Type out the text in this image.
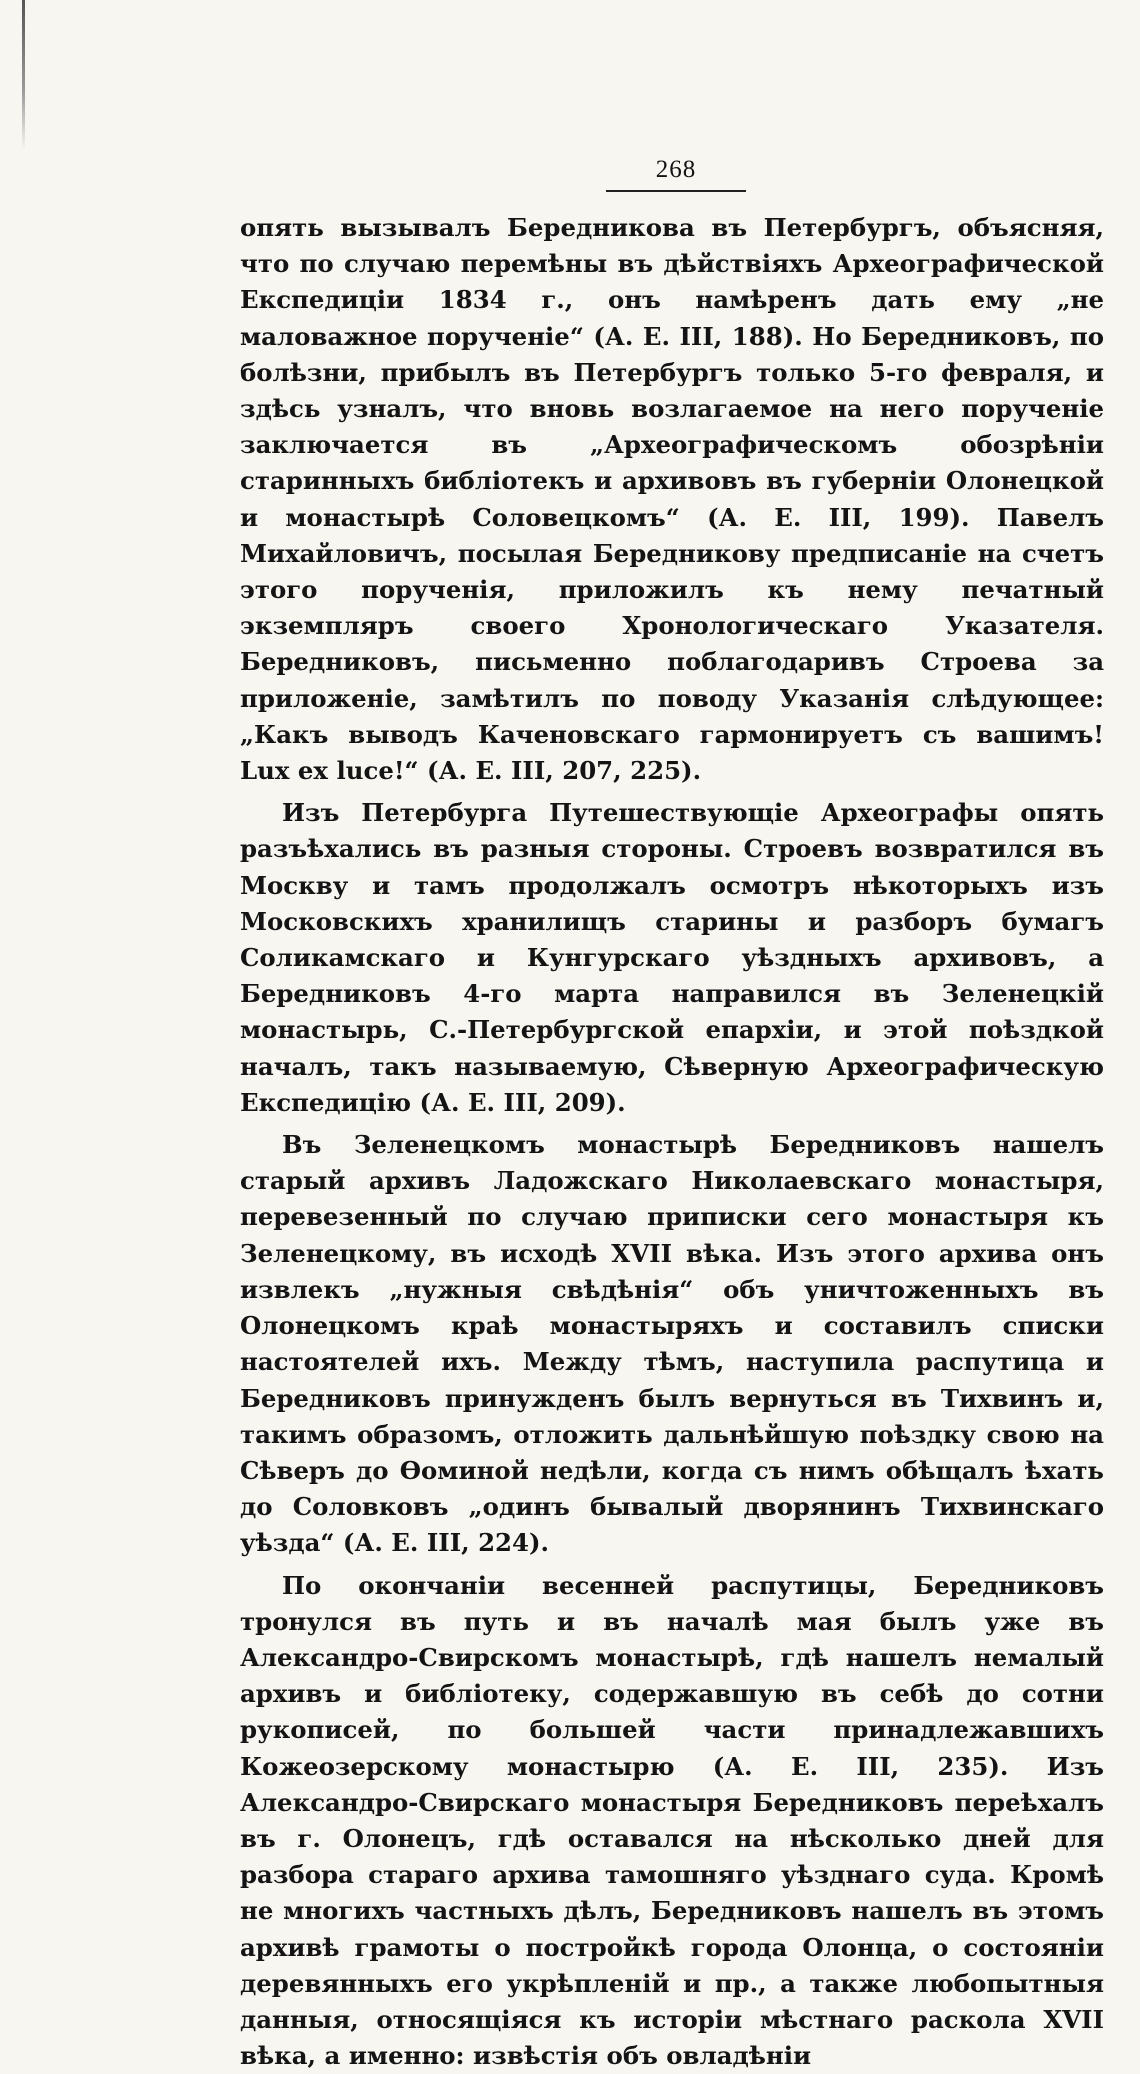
268

опять вызывалъ Бередникова въ Петербургъ, объясняя, что по случаю перемѣны въ дѣйствіяхъ Археографической Експедиціи 1834 г., онъ намѣренъ дать ему „не маловажное порученіе“ (А. Е. III, 188). Но Бередниковъ, по болѣзни, прибылъ въ Петербургъ только 5-го февраля, и здѣсь узналъ, что вновь возлагаемое на него порученіе заключается въ „Археографическомъ обозрѣніи старинныхъ библіотекъ и архивовъ въ губерніи Олонецкой и монастырѣ Соловецкомъ“ (А. Е. III, 199). Павелъ Михайловичъ, посылая Бередникову предписаніе на счетъ этого порученія, приложилъ къ нему печатный экземпляръ своего Хронологическаго Указателя. Бередниковъ, письменно поблагодаривъ Строева за приложеніе, замѣтилъ по поводу Указанія слѣдующее: „Какъ выводъ Каченовскаго гармонируетъ съ вашимъ! Lux ex luce!“ (А. Е. III, 207, 225).

Изъ Петербурга Путешествующіе Археографы опять разъѣхались въ разныя стороны. Строевъ возвратился въ Москву и тамъ продолжалъ осмотръ нѣкоторыхъ изъ Московскихъ хранилищъ старины и разборъ бумагъ Соликамскаго и Кунгурскаго уѣздныхъ архивовъ, а Бередниковъ 4-го марта направился въ Зеленецкій монастырь, С.-Петербургской епархіи, и этой поѣздкой началъ, такъ называемую, Сѣверную Археографическую Експедицію (А. Е. III, 209).

Въ Зеленецкомъ монастырѣ Бередниковъ нашелъ старый архивъ Ладожскаго Николаевскаго монастыря, перевезенный по случаю приписки сего монастыря къ Зеленецкому, въ исходѣ XVII вѣка. Изъ этого архива онъ извлекъ „нужныя свѣдѣнія“ объ уничтоженныхъ въ Олонецкомъ краѣ монастыряхъ и составилъ списки настоятелей ихъ. Между тѣмъ, наступила распутица и Бередниковъ принужденъ былъ вернуться въ Тихвинъ и, такимъ образомъ, отложить дальнѣйшую поѣздку свою на Сѣверъ до Ѳоминой недѣли, когда съ нимъ обѣщалъ ѣхать до Соловковъ „одинъ бывалый дворянинъ Тихвинскаго уѣзда“ (А. Е. III, 224).

По окончаніи весенней распутицы, Бередниковъ тронулся въ путь и въ началѣ мая былъ уже въ Александро-Свирскомъ монастырѣ, гдѣ нашелъ немалый архивъ и библіотеку, содержавшую въ себѣ до сотни рукописей, по большей части принадлежавшихъ Кожеозерскому монастырю (А. Е. III, 235). Изъ Александро-Свирскаго монастыря Бередниковъ переѣхалъ въ г. Олонецъ, гдѣ оставался на нѣсколько дней для разбора стараго архива тамошняго уѣзднаго суда. Кромѣ не многихъ частныхъ дѣлъ, Бередниковъ нашелъ въ этомъ архивѣ грамоты о постройкѣ города Олонца, о состояніи деревянныхъ его укрѣпленій и пр., а также любопытныя данныя, относящіяся къ исторіи мѣстнаго раскола XVII вѣка, а именно: извѣстія объ овладѣніи
